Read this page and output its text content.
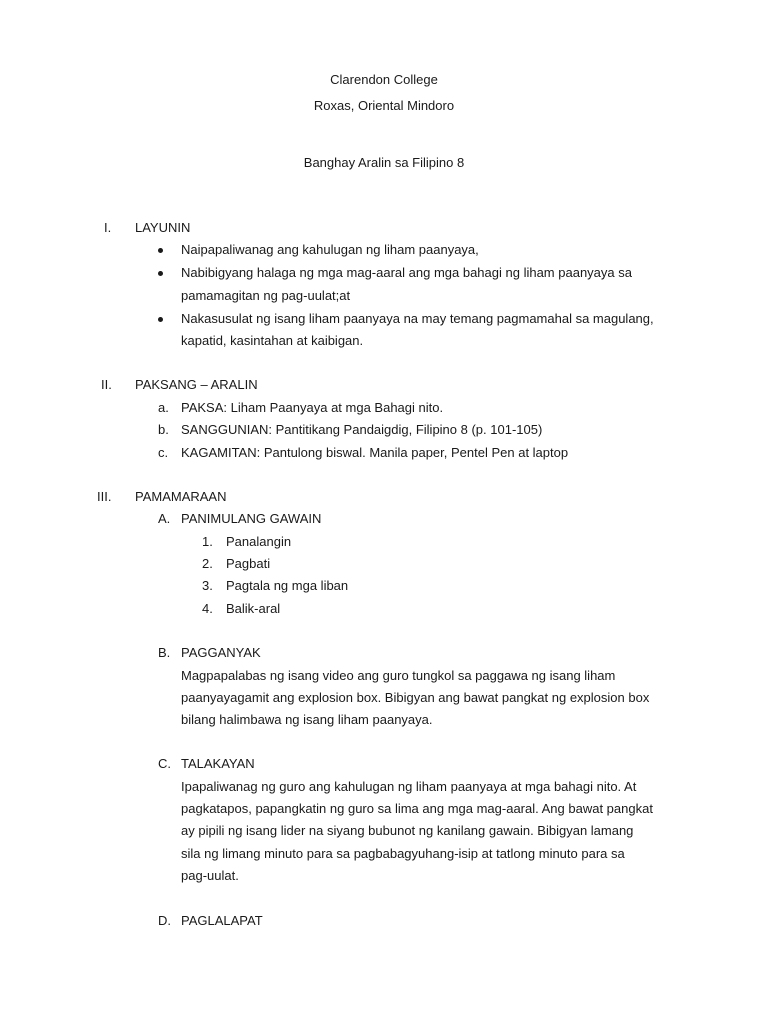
Clarendon College
Roxas, Oriental Mindoro
Banghay Aralin sa Filipino 8
I. LAYUNIN
Naipapaliwanag ang kahulugan ng liham paanyaya,
Nabibigyang halaga ng mga mag-aaral ang mga bahagi ng liham paanyaya sa
pamamagitan ng pag-uulat;at
Nakasusulat ng isang liham paanyaya na may temang pagmamahal sa magulang,
kapatid, kasintahan at kaibigan.
II. PAKSANG – ARALIN
a. PAKSA: Liham Paanyaya at mga Bahagi nito.
b. SANGGUNIAN: Pantitikang Pandaigdig, Filipino 8 (p. 101-105)
c. KAGAMITAN: Pantulong biswal. Manila paper, Pentel Pen at laptop
III. PAMAMARAAN
A. PANIMULANG GAWAIN
1. Panalangin
2. Pagbati
3. Pagtala ng mga liban
4. Balik-aral
B. PAGGANYAK
Magpapalabas ng isang video ang guro tungkol sa paggawa ng isang liham
paanyayagamit ang explosion box. Bibigyan ang bawat pangkat ng explosion box
bilang halimbawa ng isang liham paanyaya.
C. TALAKAYAN
Ipapaliwanag ng guro ang kahulugan ng liham paanyaya at mga bahagi nito. At
pagkatapos, papangkatin ng guro sa lima ang mga mag-aaral. Ang bawat pangkat
ay pipili ng isang lider na siyang bubunot ng kanilang gawain. Bibigyan lamang
sila ng limang minuto para sa pagbabagyuhang-isip at tatlong minuto para sa
pag-uulat.
D. PAGLALAPAT
